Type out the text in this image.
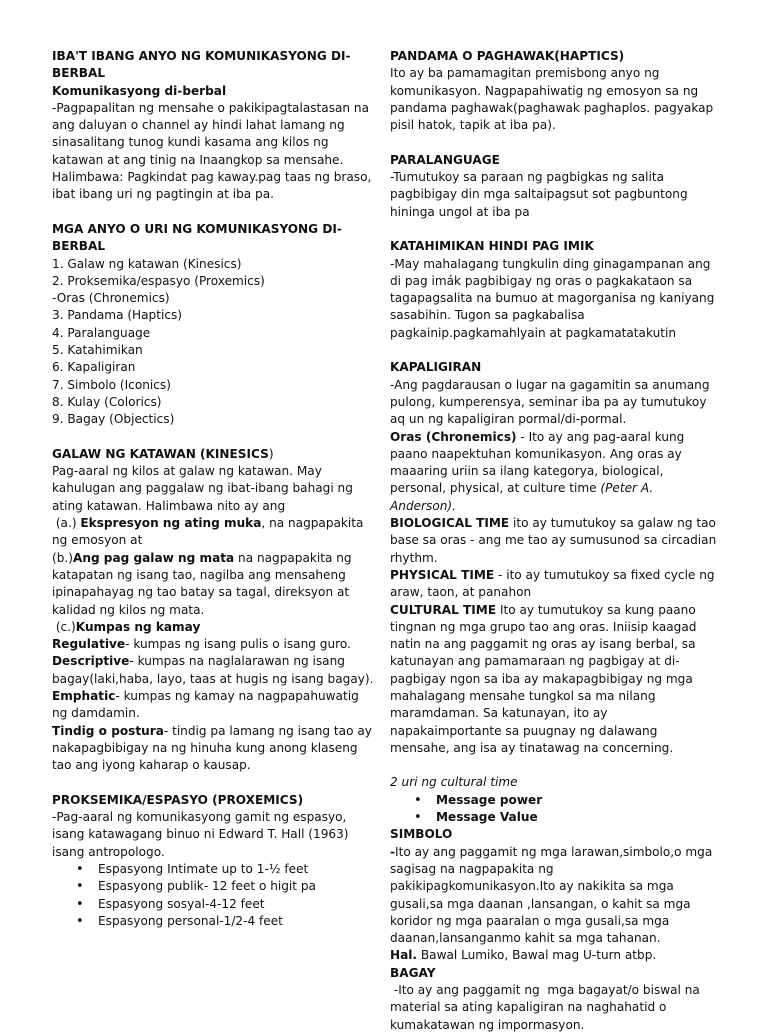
IBA'T IBANG ANYO NG KOMUNIKASYONG DI-BERBAL

Komunikasyong di-berbal

-Pagpapalitan ng mensahe o pakikipagtalastasan na ang daluyan o channel ay hindi lahat lamang ng sinasalitang tunog kundi kasama ang kilos ng katawan at ang tinig na Inaangkop sa mensahe.

Halimbawa: Pagkindat pag kaway.pag taas ng braso, ibat ibang uri ng pagtingin at iba pa.

MGA ANYO O URI NG KOMUNIKASYONG DI-BERBAL

1. Galaw ng katawan (Kinesics)

2. Proksemika/espasyo (Proxemics)

-Oras (Chronemics)

3. Pandama (Haptics)

4. Paralanguage

5. Katahimikan

6. Kapaligiran

7. Simbolo (Iconics)

8. Kulay (Colorics)

9. Bagay (Objectics)

GALAW NG KATAWAN (KINESICS)

Pag-aaral ng kilos at galaw ng katawan. May kahulugan ang paggalaw ng ibat-ibang bahagi ng ating katawan. Halimbawa nito ay ang

(a.) Ekspresyon ng ating muka, na nagpapakita ng emosyon at

(b.)Ang pag galaw ng mata na nagpapakita ng katapatan ng isang tao, nagilba ang mensaheng ipinapahayag ng tao batay sa tagal, direksyon at kalidad ng kilos ng mata.

(c.)Kumpas ng kamay

Regulative- kumpas ng isang pulis o isang guro.

Descriptive- kumpas na naglalarawan ng isang bagay(laki,haba, layo, taas at hugis ng isang bagay).

Emphatic- kumpas ng kamay na nagpapahuwatig ng damdamin.

Tindig o postura- tindig pa lamang ng isang tao ay nakapagbibigay na ng hinuha kung anong klaseng tao ang iyong kaharap o kausap.

PROKSEMIKA/ESPASYO (PROXEMICS)

-Pag-aaral ng komunikasyong gamit ng espasyo, isang katawagang binuo ni Edward T. Hall (1963) isang antropologo.

• Espasyong Intimate up to 1-½ feet
• Espasyong publik- 12 feet o higit pa
• Espasyong sosyal-4-12 feet
• Espasyong personal-1/2-4 feet

PANDAMA O PAGHAWAK(HAPTICS)

Ito ay ba pamamagitan premisbong anyo ng komunikasyon. Nagpapahiwatig ng emosyon sa ng pandama paghawak(paghawak paghaplos. pagyakap pisil hatok, tapik at iba pa).

PARALANGUAGE

-Tumutukoy sa paraan ng pagbigkas ng salita pagbibigay din mga saltaipagsut sot pagbuntong hininga ungol at iba pa

KATAHIMIKAN HINDI PAG IMIK

-May mahalagang tungkulin ding ginagampanan ang di pag imák pagbibigay ng oras o pagkakataon sa tagapagsalita na bumuo at magorganisa ng kaniyang sasabihin. Tugon sa pagkabalisa pagkainip.pagkamahlyain at pagkamatatakutin

KAPALIGIRAN

-Ang pagdarausan o lugar na gagamitin sa anumang pulong, kumperensya, seminar iba pa ay tumutukoy aq un ng kapaligiran pormal/di-pormal.

Oras (Chronemics) - Ito ay ang pag-aaral kung paano naapektuhan komunikasyon. Ang oras ay maaaring uriin sa ilang kategorya, biological, personal, physical, at culture time (Peter A. Anderson).

BIOLOGICAL TIME ito ay tumutukoy sa galaw ng tao base sa oras - ang me tao ay sumusunod sa circadian rhythm.

PHYSICAL TIME - ito ay tumutukoy sa fixed cycle ng araw, taon, at panahon

CULTURAL TIME Ito ay tumutukoy sa kung paano tingnan ng mga grupo tao ang oras. Iniisip kaagad natin na ang paggamit ng oras ay isang berbal, sa katunayan ang pamamaraan ng pagbigay at di-pagbigay ngon sa iba ay makapagbibigay ng mga mahalagang mensahe tungkol sa ma nilang maramdaman. Sa katunayan, ito ay napakaimportante sa puugnay ng dalawang mensahe, ang isa ay tinatawag na concerning.

2 uri ng cultural time

• Message power
• Message Value

SIMBOLO

-Ito ay ang paggamit ng mga larawan,simbolo,o mga sagisag na nagpapakita ng pakikipagkomunikasyon.Ito ay nakikita sa mga gusali,sa mga daanan ,lansangan, o kahit sa mga koridor ng mga paaralan o mga gusali,sa mga daanan,lansanganmo kahit sa mga tahanan.

Hal. Bawal Lumiko, Bawal mag U-turn atbp.

BAGAY

-Ito ay ang paggamit ng  mga bagayat/o biswal na material sa ating kapaligiran na naghahatid o kumakatawan ng impormasyon.
